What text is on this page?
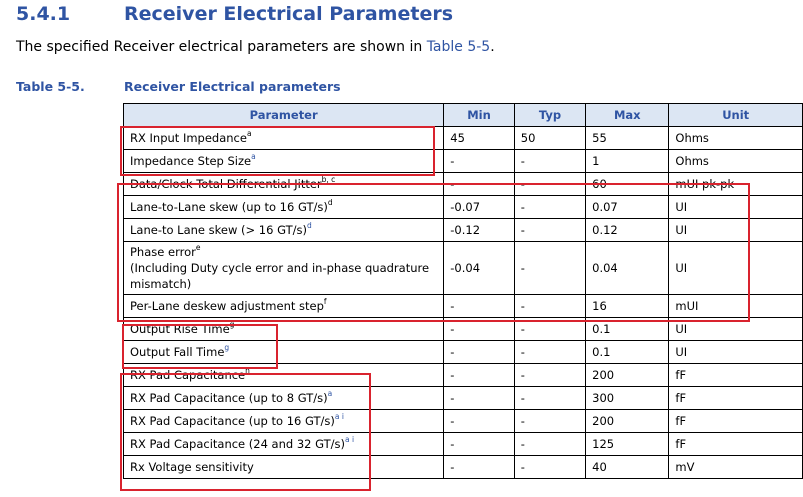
5.4.1	Receiver Electrical Parameters
The specified Receiver electrical parameters are shown in Table 5-5.
Table 5-5.	Receiver Electrical parameters
Parameter	Min	Typ	Max	Unit
RX Input Impedance$^a$	45	50	55	Ohms
Impedance Step Size$^a$	-	-	1	Ohms
Data/Clock Total Differential Jitter$^{b, c}$	-	-	60	mUI pk-pk
Lane-to-Lane skew (up to 16 GT/s)$^d$	-0.07	-	0.07	UI
Lane-to Lane skew (> 16 GT/s)$^d$	-0.12	-	0.12	UI
Phase error$^e$
(Including Duty cycle error and in-phase quadrature mismatch)	-0.04	-	0.04	UI
Per-Lane deskew adjustment step$^f$	-	-	16	mUI
Output Rise Time$^g$	-	-	0.1	UI
Output Fall Time$^g$	-	-	0.1	UI
RX Pad Capacitance$^h$	-	-	200	fF
RX Pad Capacitance (up to 8 GT/s)$^a$	-	-	300	fF
RX Pad Capacitance (up to 16 GT/s)$^{a i}$	-	-	200	fF
RX Pad Capacitance (24 and 32 GT/s)$^{a i}$	-	-	125	fF
Rx Voltage sensitivity	-	-	40	mV
